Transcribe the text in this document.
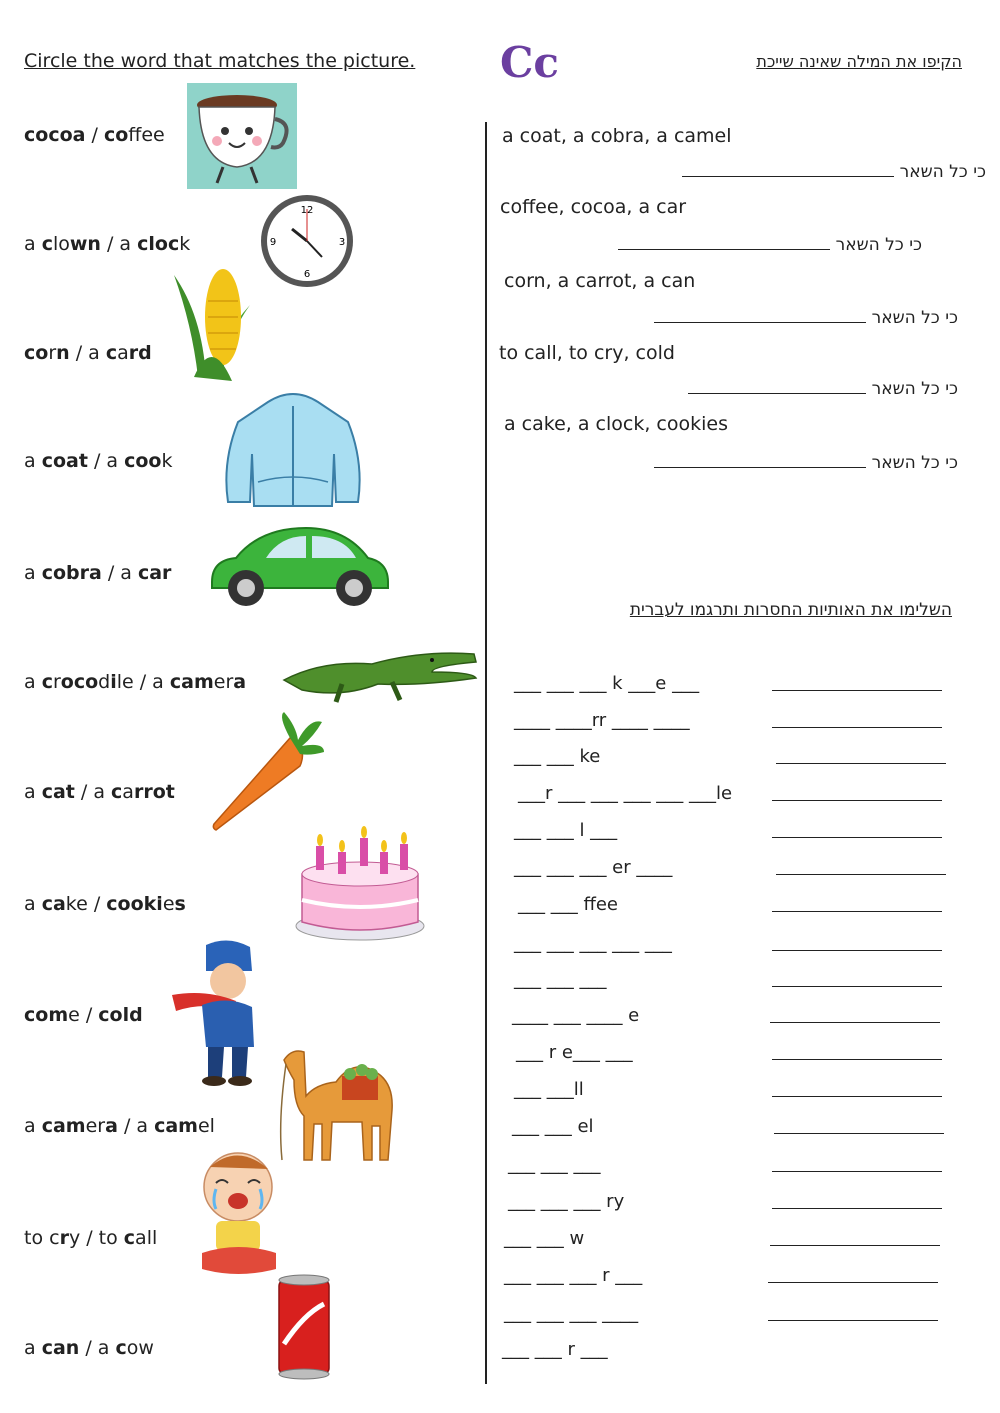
Circle the word that matches the picture. Cc	הקיפו את המילה שאינה שייכת
cocoa / coffee
a clown / a clock
corn / a card
a coat / a cook
a cobra / a car
a crocodile / a camera
a cat / a carrot
a cake / cookies
come / cold
a camera / a camel
to cry / to call
a can / a cow
12
3
6
9
a coat, a cobra, a camel
כי כל השאר
coffee, cocoa, a car
כי כל השאר
corn, a carrot, a can
כי כל השאר
to call, to cry, cold
כי כל השאר
a cake, a clock, cookies
כי כל השאר
השלימו את האותיות החסרות ותרגמו לעברית
___ ___ ___ k ___e ___
____ ____rr ____ ____
___ ___ ke
___r ___ ___ ___ ___ ___le
___ ___ l ___
___ ___ ___ er ____
___ ___ ffee
___ ___ ___ ___ ___
___ ___ ___
____ ___ ____ e
___ r e___ ___
___ ___ll
___ ___ el
___ ___ ___
___ ___ ___ ry
___ ___ w
___ ___ ___ r ___
___ ___ ___ ____
___ ___ r ___
